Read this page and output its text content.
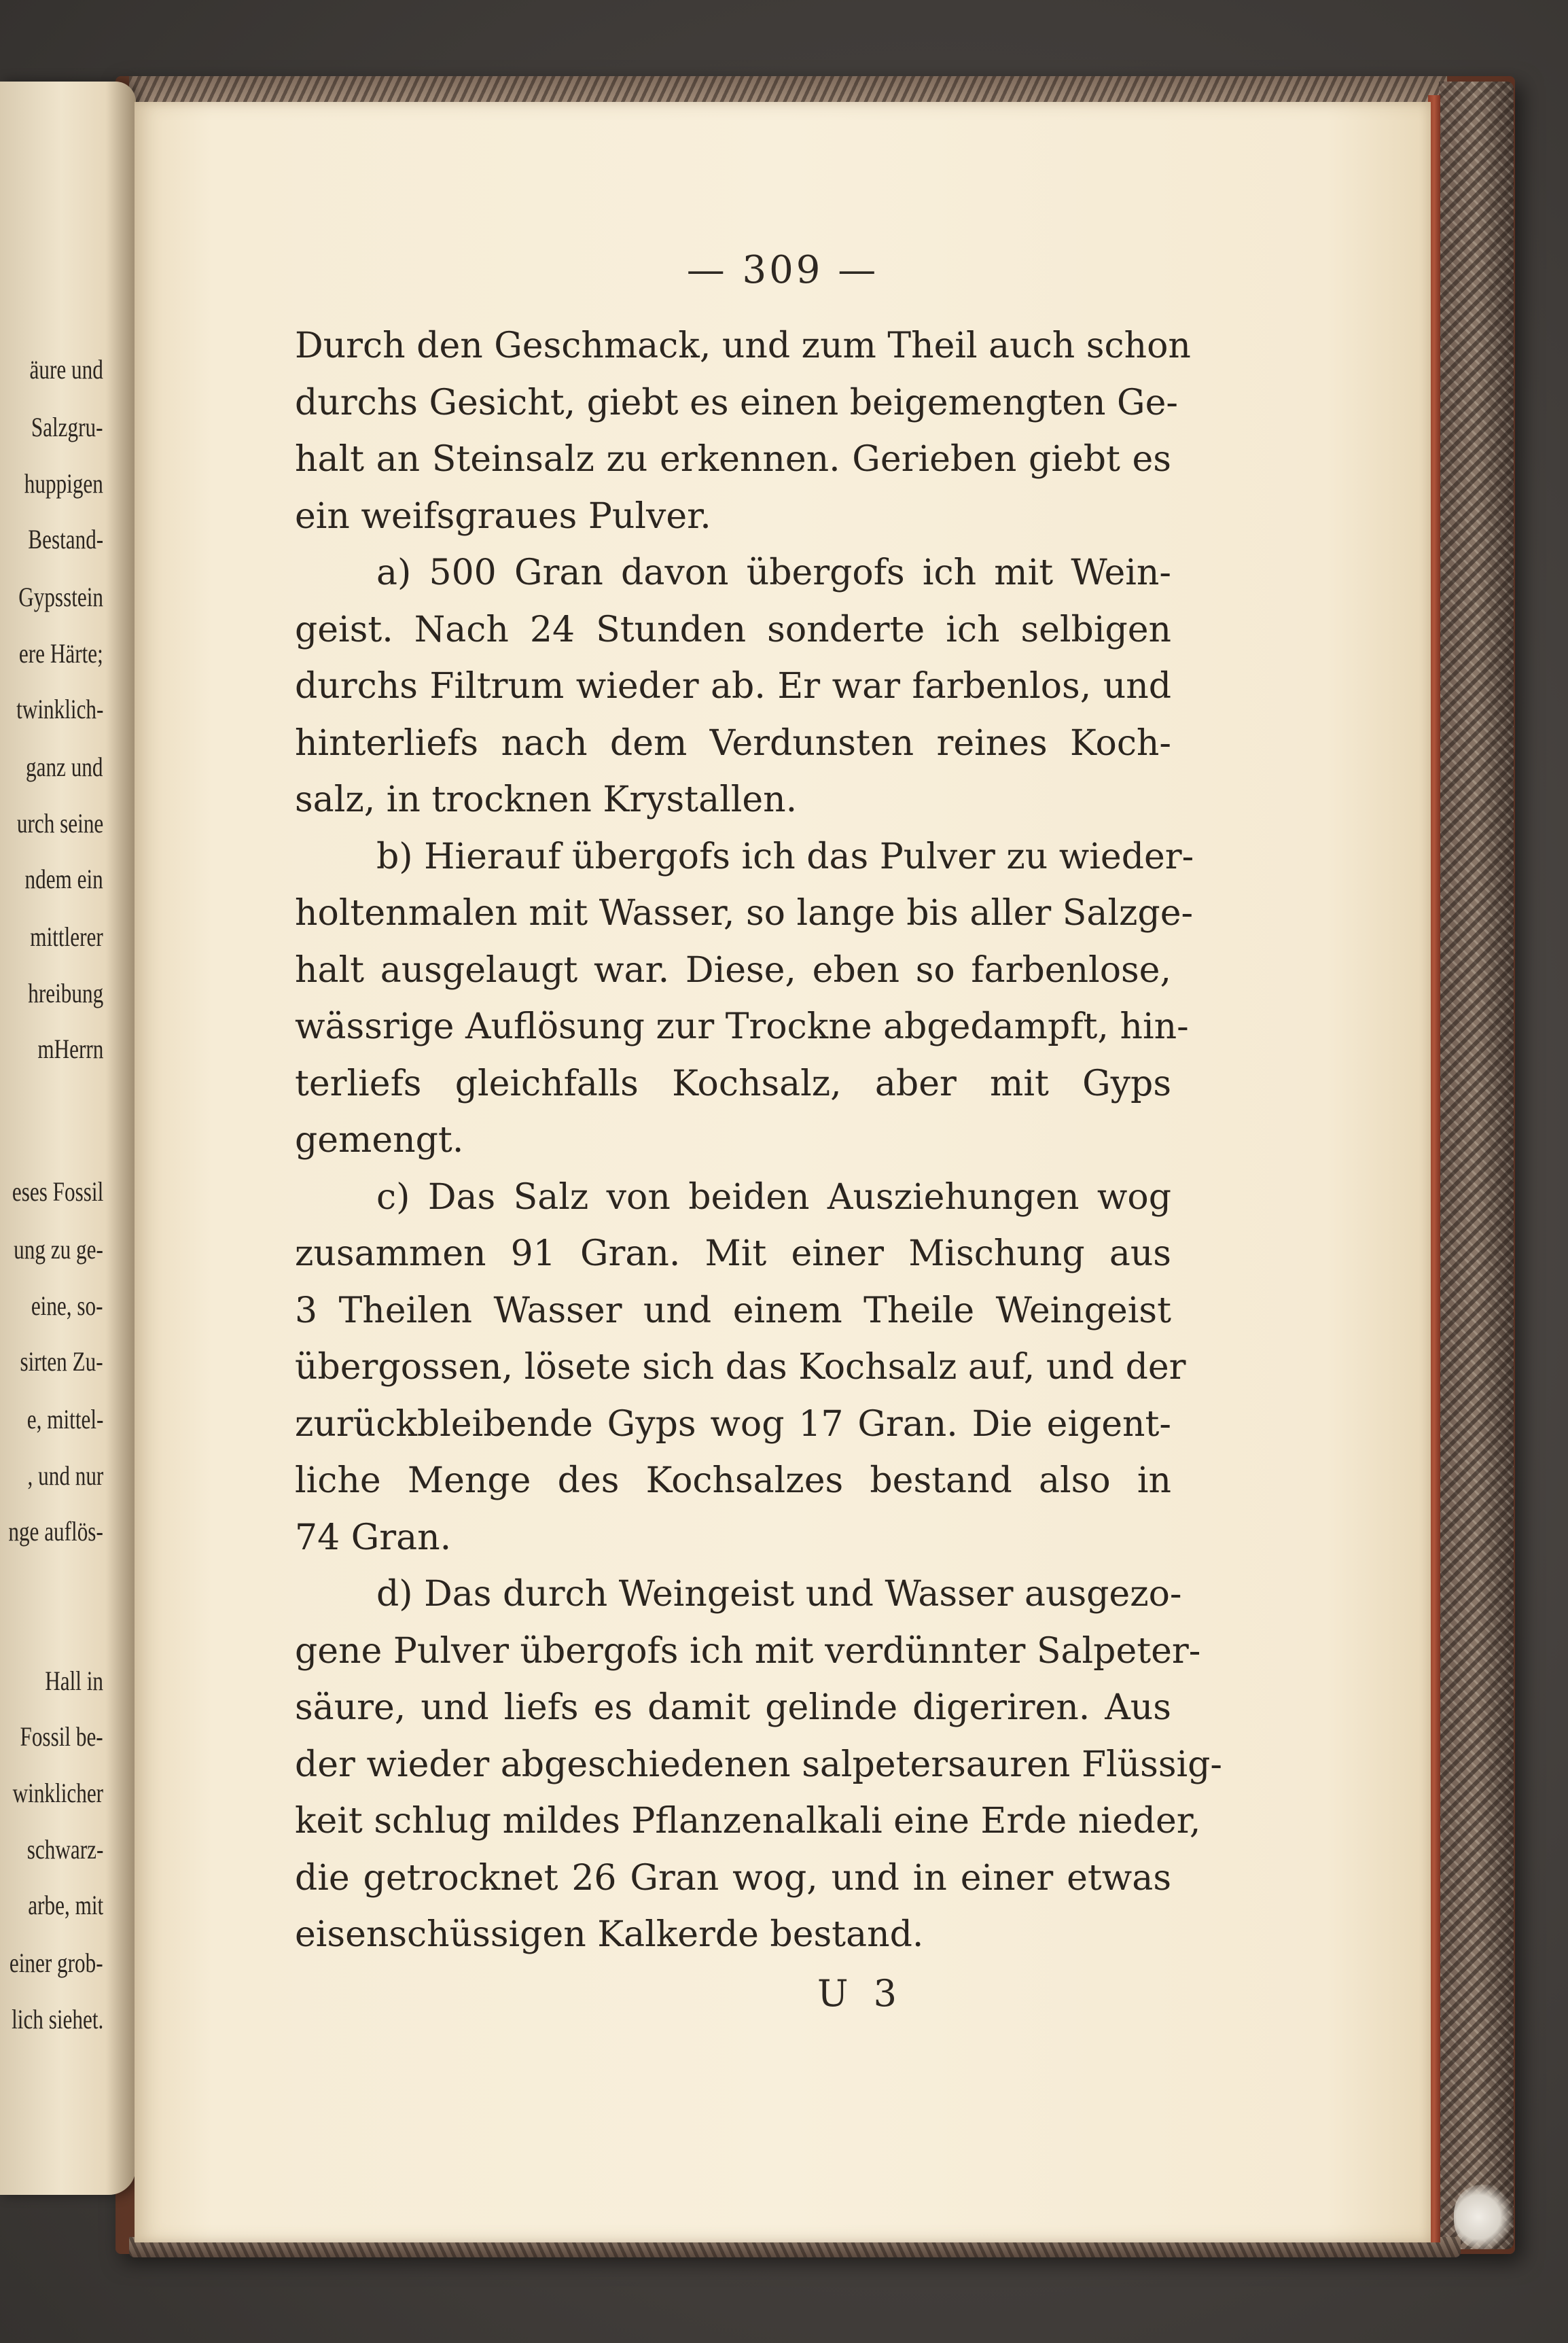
äure und
Salzgru-
huppigen
Bestand-
Gypsstein
ere Härte;
twinklich-
ganz und
urch seine
ndem ein
mittlerer
hreibung
mHerrn
eses Fossil
ung zu ge-
eine, so-
sirten Zu-
e, mittel-
, und nur
nge auflös-
Hall in
Fossil be-
winklicher
schwarz-
arbe, mit
einer grob-
lich siehet.
— 309 —
Durch den Geschmack, und zum Theil auch schon
durchs Gesicht, giebt es einen beigemengten Ge-
halt an Steinsalz zu erkennen. Gerieben giebt es
ein weifsgraues Pulver.
a) 500 Gran davon übergofs ich mit Wein-
geist. Nach 24 Stunden sonderte ich selbigen
durchs Filtrum wieder ab. Er war farbenlos, und
hinterliefs nach dem Verdunsten reines Koch-
salz, in trocknen Krystallen.
b) Hierauf übergofs ich das Pulver zu wieder-
holtenmalen mit Wasser, so lange bis aller Salzge-
halt ausgelaugt war. Diese, eben so farbenlose,
wässrige Auflösung zur Trockne abgedampft, hin-
terliefs gleichfalls Kochsalz, aber mit Gyps
gemengt.
c) Das Salz von beiden Ausziehungen wog
zusammen 91 Gran. Mit einer Mischung aus
3 Theilen Wasser und einem Theile Weingeist
übergossen, lösete sich das Kochsalz auf, und der
zurückbleibende Gyps wog 17 Gran. Die eigent-
liche Menge des Kochsalzes bestand also in
74 Gran.
d) Das durch Weingeist und Wasser ausgezo-
gene Pulver übergofs ich mit verdünnter Salpeter-
säure, und liefs es damit gelinde digeriren. Aus
der wieder abgeschiedenen salpetersauren Flüssig-
keit schlug mildes Pflanzenalkali eine Erde nieder,
die getrocknet 26 Gran wog, und in einer etwas
eisenschüssigen Kalkerde bestand.
U 3
